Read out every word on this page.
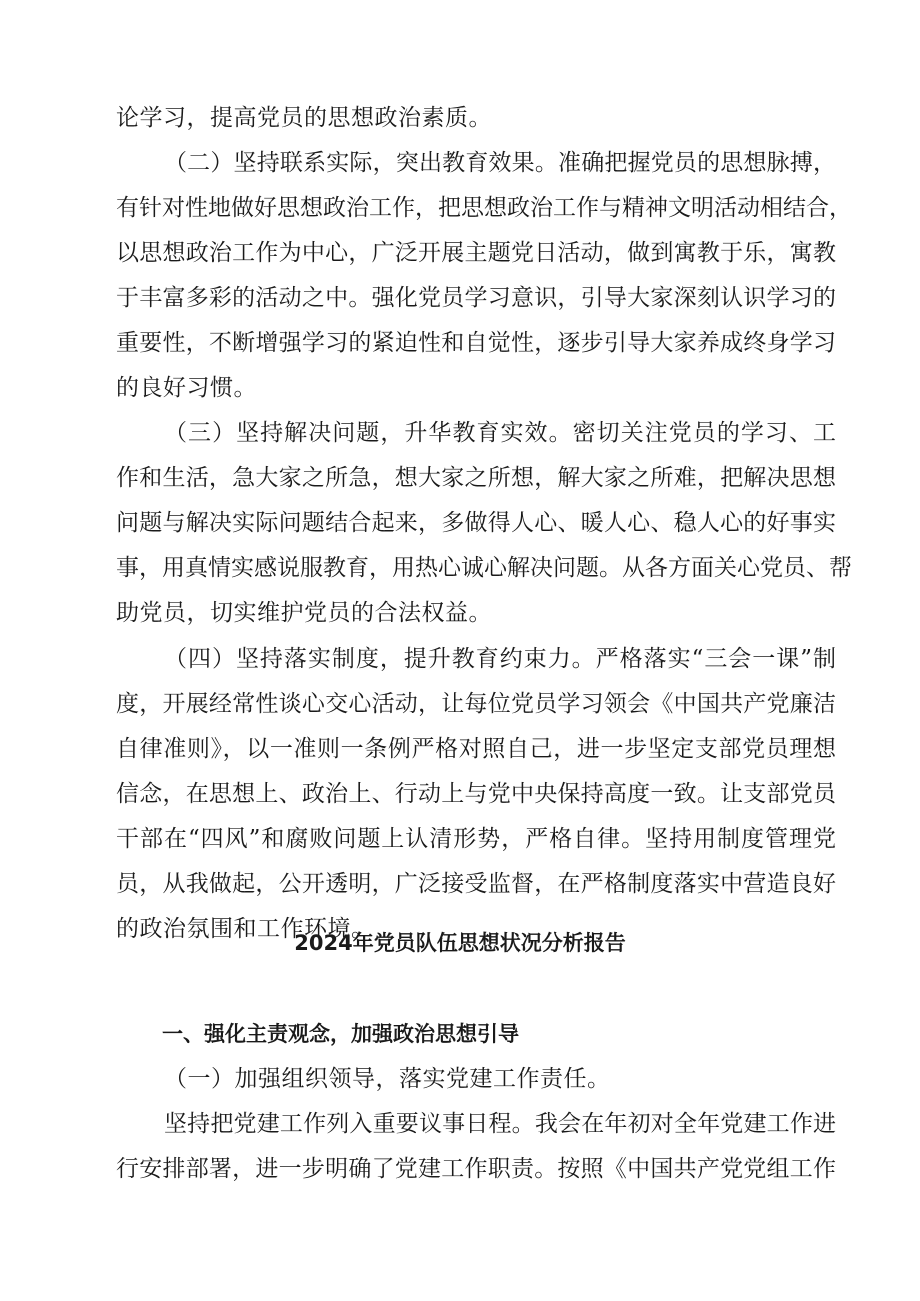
论学习，提高党员的思想政治素质。

（二）坚持联系实际，突出教育效果。准确把握党员的思想脉搏，

有针对性地做好思想政治工作，把思想政治工作与精神文明活动相结合，

以思想政治工作为中心，广泛开展主题党日活动，做到寓教于乐，寓教

于丰富多彩的活动之中。强化党员学习意识，引导大家深刻认识学习的

重要性，不断增强学习的紧迫性和自觉性，逐步引导大家养成终身学习

的良好习惯。

（三）坚持解决问题，升华教育实效。密切关注党员的学习、工

作和生活，急大家之所急，想大家之所想，解大家之所难，把解决思想

问题与解决实际问题结合起来，多做得人心、暖人心、稳人心的好事实

事，用真情实感说服教育，用热心诚心解决问题。从各方面关心党员、帮

助党员，切实维护党员的合法权益。

（四）坚持落实制度，提升教育约束力。严格落实“三会一课”制

度，开展经常性谈心交心活动，让每位党员学习领会《中国共产党廉洁

自律准则》，以一准则一条例严格对照自己，进一步坚定支部党员理想

信念，在思想上、政治上、行动上与党中央保持高度一致。让支部党员

干部在“四风”和腐败问题上认清形势，严格自律。坚持用制度管理党

员，从我做起，公开透明，广泛接受监督，在严格制度落实中营造良好

的政治氛围和工作环境。

2024年党员队伍思想状况分析报告
一、强化主责观念，加强政治思想引导

（一）加强组织领导，落实党建工作责任。

坚持把党建工作列入重要议事日程。我会在年初对全年党建工作进

行安排部署，进一步明确了党建工作职责。按照《中国共产党党组工作
